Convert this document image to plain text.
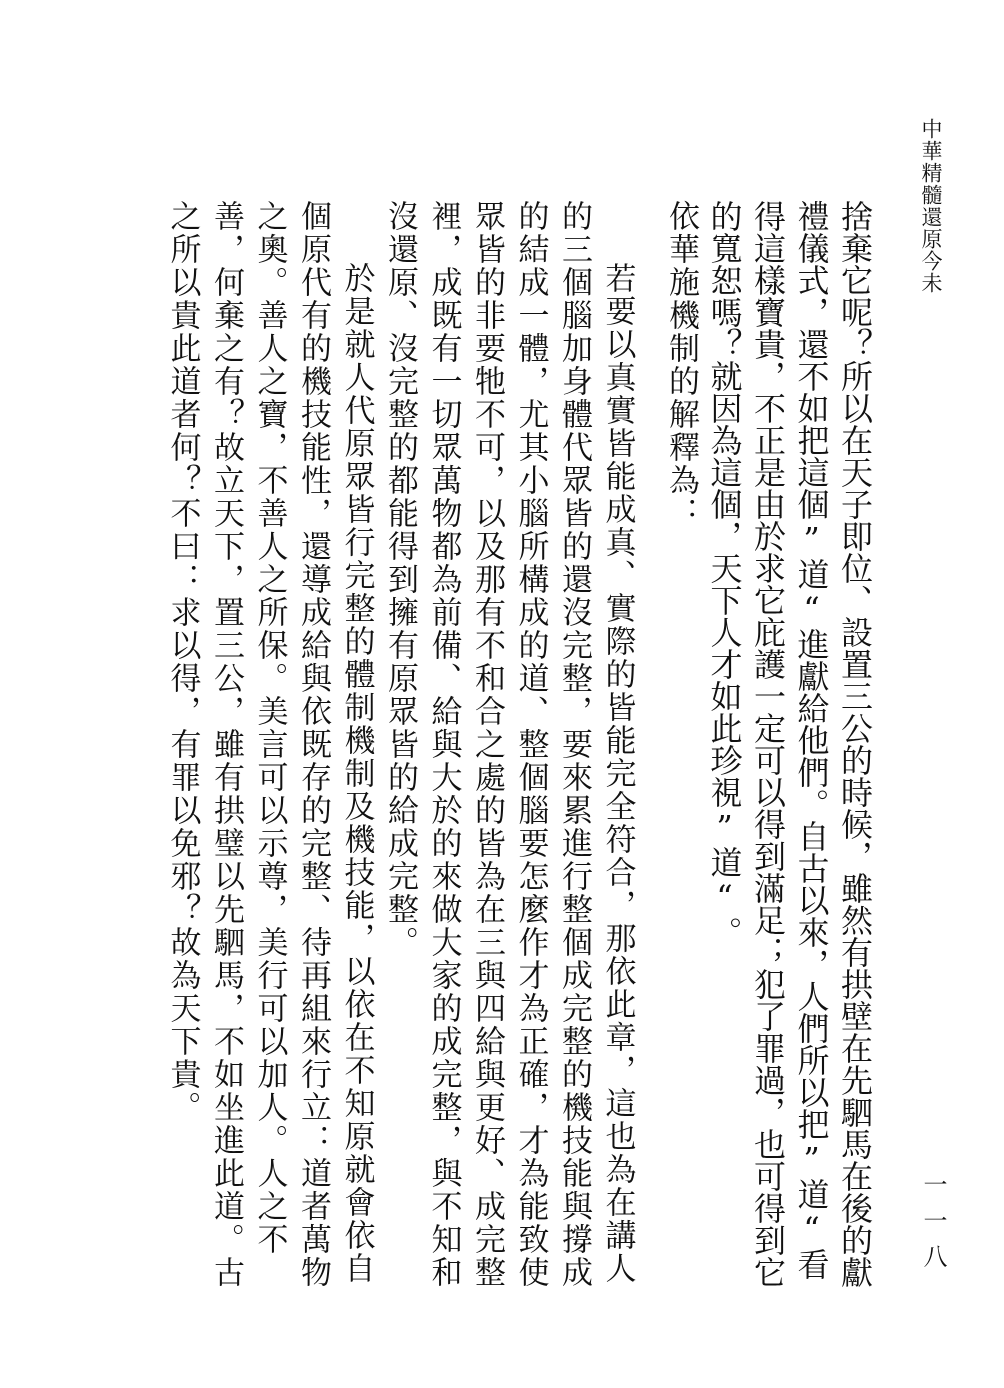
中華精髓還原今未

捨棄它呢？所以在天子即位、設置三公的時候，雖然有拱壁在先駟馬在後的獻禮儀式，還不如把這個”道“進獻給他們。自古以來，人們所以把”道“看得這樣寶貴，不正是由於求它庇護一定可以得到滿足；犯了罪過，也可得到它的寬恕嗎？就因為這個，天下人才如此珍視”道“。

依華施機制的解釋為：

若要以真實皆能成真、實際的皆能完全符合，那依此章，這也為在講人的三個腦加身體代眾皆的還沒完整，要來累進行整個成完整的機技能與撐成的結成一體，尤其小腦所構成的道、整個腦要怎麼作才為正確，才為能致使眾皆的非要牠不可，以及那有不和合之處的皆為在三與四給與更好、成完整裡，成既有一切眾萬物都為前備、給與大於的來做大家的成完整，與不知和沒還原、沒完整的都能得到擁有原眾皆的給成完整。

於是就人代原眾皆行完整的體制機制及機技能，以依在不知原就會依自個原代有的機技能性，還導成給與依既存的完整、待再組來行立：道者萬物之奧。善人之寶，不善人之所保。美言可以示尊，美行可以加人。人之不善，何棄之有？故立天下，置三公，雖有拱璧以先駟馬，不如坐進此道。古之所以貴此道者何？不曰：求以得，有罪以免邪？故為天下貴。

一一八
